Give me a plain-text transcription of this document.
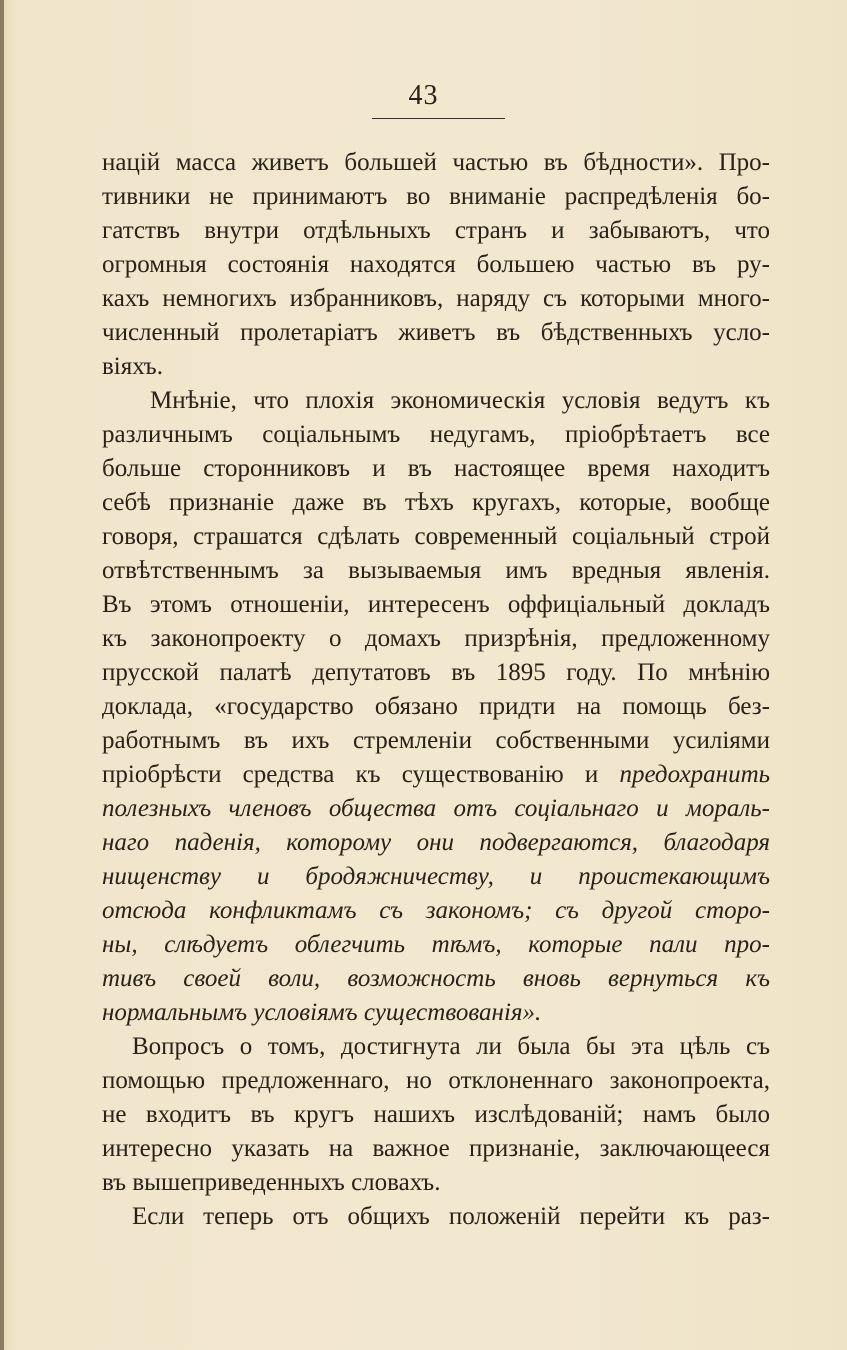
43
націй масса живетъ большей частью въ бѣдности». Про-
тивники не принимаютъ во вниманіе распредѣленія бо-
гатствъ внутри отдѣльныхъ странъ и забываютъ, что
огромныя состоянія находятся большею частью въ ру-
кахъ немногихъ избранниковъ, наряду съ которыми много-
численный пролетаріатъ живетъ въ бѣдственныхъ усло-
віяхъ.
Мнѣніе, что плохія экономическія условія ведутъ къ
различнымъ соціальнымъ недугамъ, пріобрѣтаетъ все
больше сторонниковъ и въ настоящее время находитъ
себѣ признаніе даже въ тѣхъ кругахъ, которые, вообще
говоря, страшатся сдѣлать современный соціальный строй
отвѣтственнымъ за вызываемыя имъ вредныя явленія.
Въ этомъ отношеніи, интересенъ оффиціальный докладъ
къ законопроекту о домахъ призрѣнія, предложенному
прусской палатѣ депутатовъ въ 1895 году. По мнѣнію
доклада, «государство обязано придти на помощь без-
работнымъ въ ихъ стремленіи собственными усиліями
пріобрѣсти средства къ существованію и предохранить
полезныхъ членовъ общества отъ соціальнаго и мораль-
наго паденія, которому они подвергаются, благодаря
нищенству и бродяжничеству, и проистекающимъ
отсюда конфликтамъ съ закономъ; съ другой сторо-
ны, слѣдуетъ облегчить тѣмъ, которые пали про-
тивъ своей воли, возможность вновь вернуться къ
нормальнымъ условіямъ существованія».
Вопросъ о томъ, достигнута ли была бы эта цѣль съ
помощью предложеннаго, но отклоненнаго законопроекта,
не входитъ въ кругъ нашихъ изслѣдованій; намъ было
интересно указать на важное признаніе, заключающееся
въ вышеприведенныхъ словахъ.
Если теперь отъ общихъ положеній перейти къ раз-
